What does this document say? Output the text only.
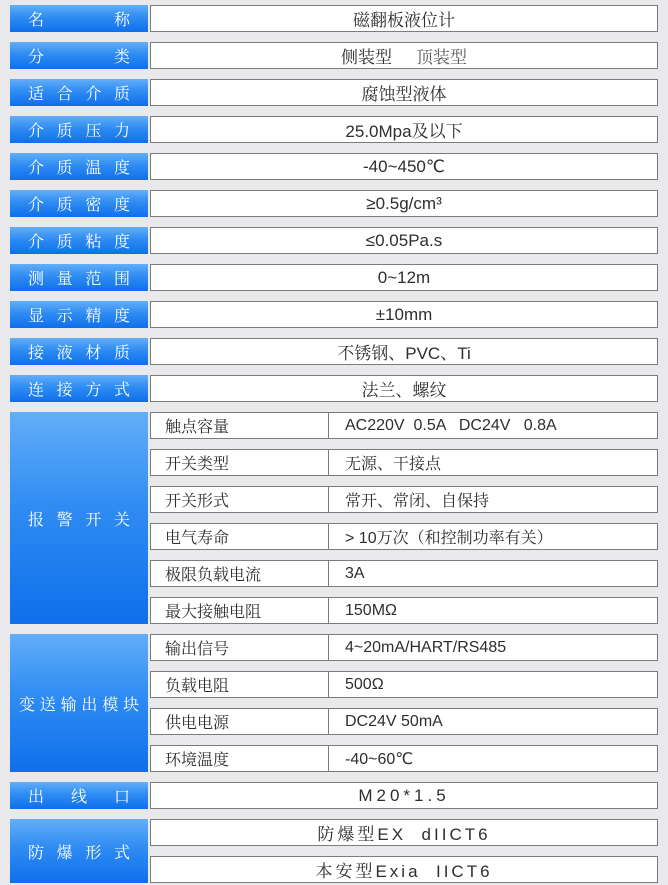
名称	磁翻板液位计
分类	侧装型 顶装型
适合介质	腐蚀型液体
介质压力	25.0Mpa及以下
介质温度	-40~450℃
介质密度	≥0.5g/cm³
介质粘度	≤0.05Pa.s
测量范围	0~12m
显示精度	±10mm
接液材质	不锈钢、PVC、Ti
连接方式	法兰、螺纹
报警开关
触点容量	AC220V  0.5A   DC24V   0.8A
开关类型	无源、干接点
开关形式	常开、常闭、自保持
电气寿命	> 10万次（和控制功率有关）
极限负载电流	3A
最大接触电阻	150MΩ
变送输出模块
输出信号	4~20mA/HART/RS485
负载电阻	500Ω
供电电源	DC24V 50mA
环境温度	-40~60℃
出线口	M20*1.5
防爆形式
防爆型EX  dIICT6
本安型Exia  IICT6
